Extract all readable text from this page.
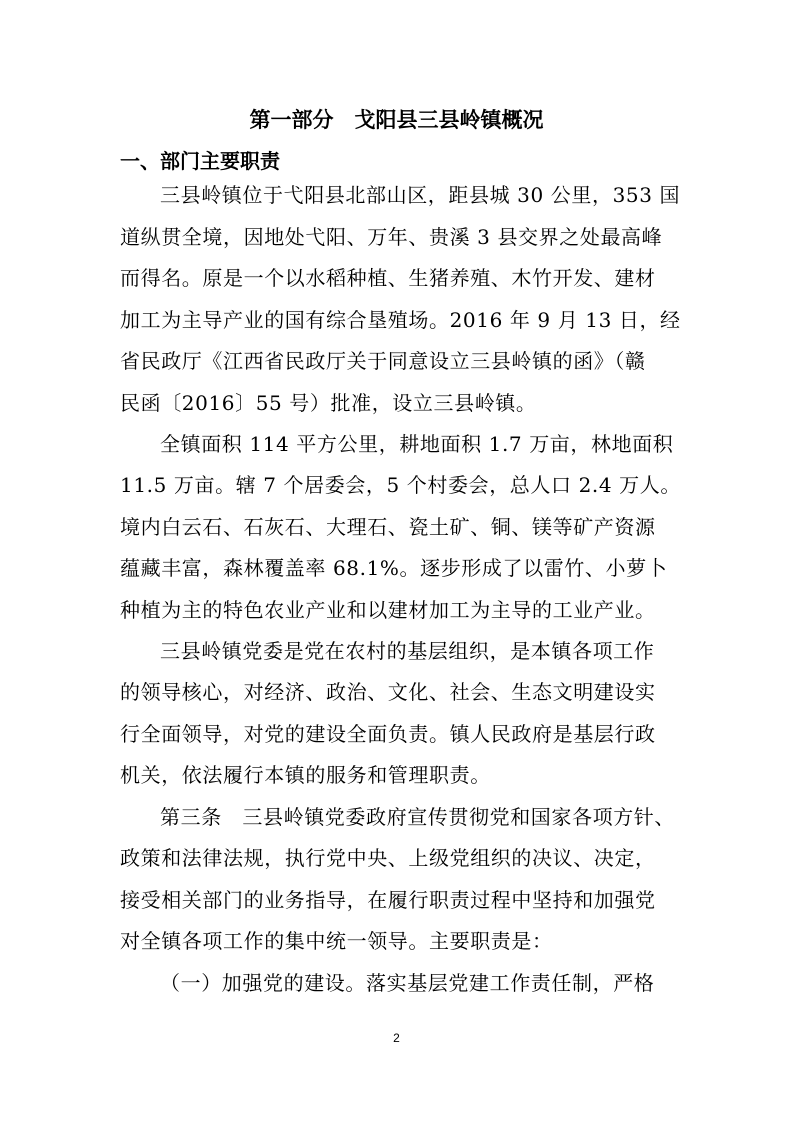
第一部分　戈阳县三县岭镇概况
一、部门主要职责
三县岭镇位于弋阳县北部山区，距县城 30 公里，353 国
道纵贯全境，因地处弋阳、万年、贵溪 3 县交界之处最高峰
而得名。原是一个以水稻种植、生猪养殖、木竹开发、建材
加工为主导产业的国有综合垦殖场。2016 年 9 月 13 日，经
省民政厅《江西省民政厅关于同意设立三县岭镇的函》（赣
民函〔2016〕55 号）批准，设立三县岭镇。
全镇面积 114 平方公里，耕地面积 1.7 万亩，林地面积
11.5 万亩。辖 7 个居委会，5 个村委会，总人口 2.4 万人。
境内白云石、石灰石、大理石、瓷土矿、铜、镁等矿产资源
蕴藏丰富，森林覆盖率 68.1%。逐步形成了以雷竹、小萝卜
种植为主的特色农业产业和以建材加工为主导的工业产业。
三县岭镇党委是党在农村的基层组织，是本镇各项工作
的领导核心，对经济、政治、文化、社会、生态文明建设实
行全面领导，对党的建设全面负责。镇人民政府是基层行政
机关，依法履行本镇的服务和管理职责。
第三条　三县岭镇党委政府宣传贯彻党和国家各项方针、
政策和法律法规，执行党中央、上级党组织的决议、决定，
接受相关部门的业务指导，在履行职责过程中坚持和加强党
对全镇各项工作的集中统一领导。主要职责是：
（一）加强党的建设。落实基层党建工作责任制，严格
2
